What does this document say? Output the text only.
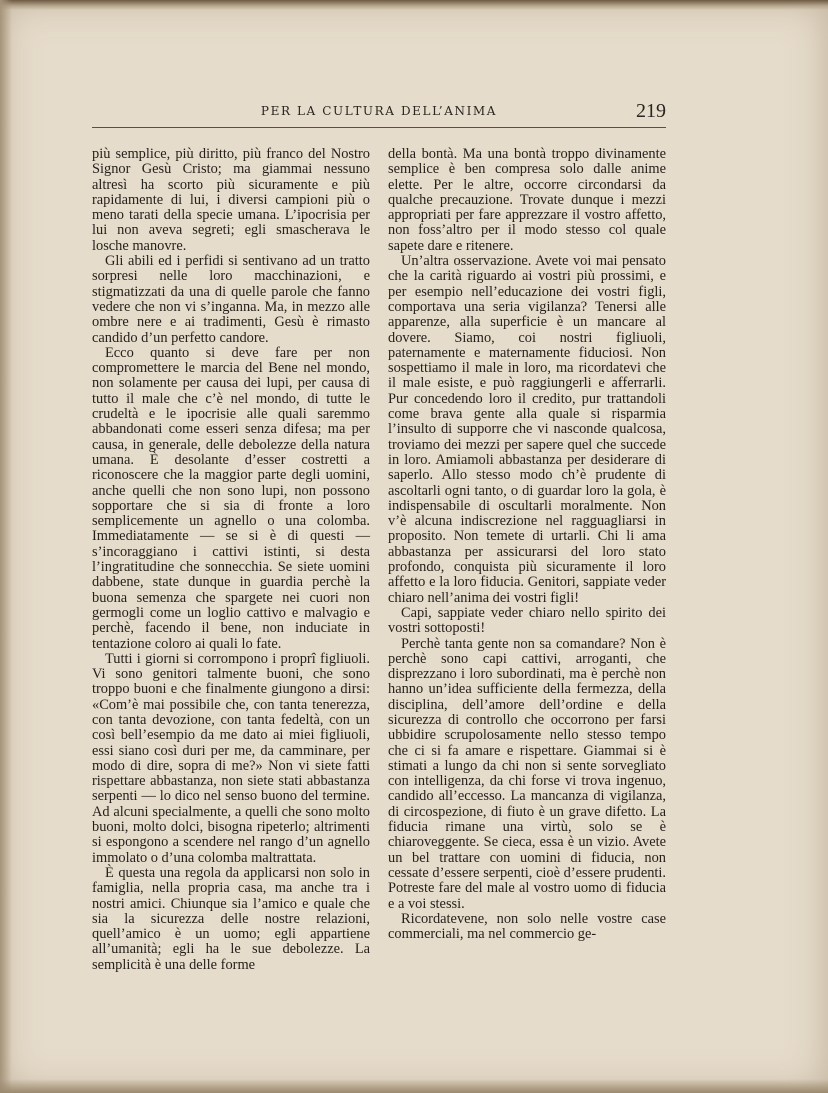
PER LA CULTURA DELL’ANIMA	219

più semplice, più diritto, più franco del Nostro Signor Gesù Cristo; ma giammai nessuno altresì ha scorto più sicuramente e più rapidamente di lui, i diversi campioni più o meno tarati della specie umana. L’ipocrisia per lui non aveva segreti; egli smascherava le losche manovre.

Gli abili ed i perfidi si sentivano ad un tratto sorpresi nelle loro macchinazioni, e stigmatizzati da una di quelle parole che fanno vedere che non vi s’inganna. Ma, in mezzo alle ombre nere e ai tradimenti, Gesù è rimasto candido d’un perfetto candore.

Ecco quanto si deve fare per non compromettere le marcia del Bene nel mondo, non solamente per causa dei lupi, per causa di tutto il male che c’è nel mondo, di tutte le crudeltà e le ipocrisie alle quali saremmo abbandonati come esseri senza difesa; ma per causa, in generale, delle debolezze della natura umana. È desolante d’esser costretti a riconoscere che la maggior parte degli uomini, anche quelli che non sono lupi, non possono sopportare che si sia di fronte a loro semplicemente un agnello o una colomba. Immediatamente — se si è di questi — s’incoraggiano i cattivi istinti, si desta l’ingratitudine che sonnecchia. Se siete uomini dabbene, state dunque in guardia perchè la buona semenza che spargete nei cuori non germogli come un loglio cattivo e malvagio e perchè, facendo il bene, non induciate in tentazione coloro ai quali lo fate.

Tutti i giorni si corrompono i proprî figliuoli. Vi sono genitori talmente buoni, che sono troppo buoni e che finalmente giungono a dirsi: «Com’è mai possibile che, con tanta tenerezza, con tanta devozione, con tanta fedeltà, con un così bell’esempio da me dato ai miei figliuoli, essi siano così duri per me, da camminare, per modo di dire, sopra di me?» Non vi siete fatti rispettare abbastanza, non siete stati abbastanza serpenti — lo dico nel senso buono del termine. Ad alcuni specialmente, a quelli che sono molto buoni, molto dolci, bisogna ripeterlo; altrimenti si espongono a scendere nel rango d’un agnello immolato o d’una colomba maltrattata.

È questa una regola da applicarsi non solo in famiglia, nella propria casa, ma anche tra i nostri amici. Chiunque sia l’amico e quale che sia la sicurezza delle nostre relazioni, quell’amico è un uomo; egli appartiene all’umanità; egli ha le sue debolezze. La semplicità è una delle forme

della bontà. Ma una bontà troppo divinamente semplice è ben compresa solo dalle anime elette. Per le altre, occorre circondarsi da qualche precauzione. Trovate dunque i mezzi appropriati per fare apprezzare il vostro affetto, non foss’altro per il modo stesso col quale sapete dare e ritenere.

Un’altra osservazione. Avete voi mai pensato che la carità riguardo ai vostri più prossimi, e per esempio nell’educazione dei vostri figli, comportava una seria vigilanza? Tenersi alle apparenze, alla superficie è un mancare al dovere. Siamo, coi nostri figliuoli, paternamente e maternamente fiduciosi. Non sospettiamo il male in loro, ma ricordatevi che il male esiste, e può raggiungerli e afferrarli. Pur concedendo loro il credito, pur trattandoli come brava gente alla quale si risparmia l’insulto di supporre che vi nasconde qualcosa, troviamo dei mezzi per sapere quel che succede in loro. Amiamoli abbastanza per desiderare di saperlo. Allo stesso modo ch’è prudente di ascoltarli ogni tanto, o di guardar loro la gola, è indispensabile di oscultarli moralmente. Non v’è alcuna indiscrezione nel ragguagliarsi in proposito. Non temete di urtarli. Chi li ama abbastanza per assicurarsi del loro stato profondo, conquista più sicuramente il loro affetto e la loro fiducia. Genitori, sappiate veder chiaro nell’anima dei vostri figli!

Capi, sappiate veder chiaro nello spirito dei vostri sottoposti!

Perchè tanta gente non sa comandare? Non è perchè sono capi cattivi, arroganti, che disprezzano i loro subordinati, ma è perchè non hanno un’idea sufficiente della fermezza, della disciplina, dell’amore dell’ordine e della sicurezza di controllo che occorrono per farsi ubbidire scrupolosamente nello stesso tempo che ci si fa amare e rispettare. Giammai si è stimati a lungo da chi non si sente sorvegliato con intelligenza, da chi forse vi trova ingenuo, candido all’eccesso. La mancanza di vigilanza, di circospezione, di fiuto è un grave difetto. La fiducia rimane una virtù, solo se è chiaroveggente. Se cieca, essa è un vizio. Avete un bel trattare con uomini di fiducia, non cessate d’essere serpenti, cioè d’essere prudenti. Potreste fare del male al vostro uomo di fiducia e a voi stessi.

Ricordatevene, non solo nelle vostre case commerciali, ma nel commercio ge-
